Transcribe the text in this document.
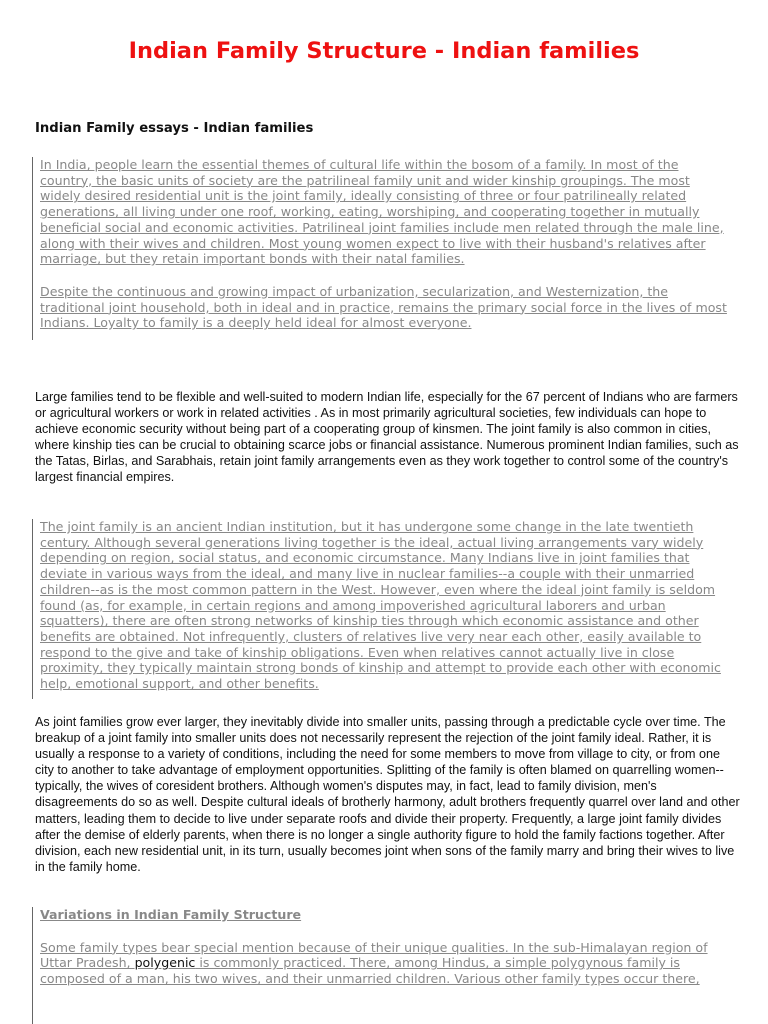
Indian Family Structure - Indian families
Indian Family essays - Indian families

In India, people learn the essential themes of cultural life within the bosom of a family. In most of the country, the basic units of society are the patrilineal family unit and wider kinship groupings. The most widely desired residential unit is the joint family, ideally consisting of three or four patrilineally related generations, all living under one roof, working, eating, worshiping, and cooperating together in mutually beneficial social and economic activities. Patrilineal joint families include men related through the male line, along with their wives and children. Most young women expect to live with their husband's relatives after marriage, but they retain important bonds with their natal families.

Despite the continuous and growing impact of urbanization, secularization, and Westernization, the traditional joint household, both in ideal and in practice, remains the primary social force in the lives of most Indians. Loyalty to family is a deeply held ideal for almost everyone.

Large families tend to be flexible and well-suited to modern Indian life, especially for the 67 percent of Indians who are farmers or agricultural workers or work in related activities . As in most primarily agricultural societies, few individuals can hope to achieve economic security without being part of a cooperating group of kinsmen. The joint family is also common in cities, where kinship ties can be crucial to obtaining scarce jobs or financial assistance. Numerous prominent Indian families, such as the Tatas, Birlas, and Sarabhais, retain joint family arrangements even as they work together to control some of the country's largest financial empires.

The joint family is an ancient Indian institution, but it has undergone some change in the late twentieth century. Although several generations living together is the ideal, actual living arrangements vary widely depending on region, social status, and economic circumstance. Many Indians live in joint families that deviate in various ways from the ideal, and many live in nuclear families--a couple with their unmarried children--as is the most common pattern in the West. However, even where the ideal joint family is seldom found (as, for example, in certain regions and among impoverished agricultural laborers and urban squatters), there are often strong networks of kinship ties through which economic assistance and other benefits are obtained. Not infrequently, clusters of relatives live very near each other, easily available to respond to the give and take of kinship obligations. Even when relatives cannot actually live in close proximity, they typically maintain strong bonds of kinship and attempt to provide each other with economic help, emotional support, and other benefits.

As joint families grow ever larger, they inevitably divide into smaller units, passing through a predictable cycle over time. The breakup of a joint family into smaller units does not necessarily represent the rejection of the joint family ideal. Rather, it is usually a response to a variety of conditions, including the need for some members to move from village to city, or from one city to another to take advantage of employment opportunities. Splitting of the family is often blamed on quarrelling women--typically, the wives of coresident brothers. Although women's disputes may, in fact, lead to family division, men's disagreements do so as well. Despite cultural ideals of brotherly harmony, adult brothers frequently quarrel over land and other matters, leading them to decide to live under separate roofs and divide their property. Frequently, a large joint family divides after the demise of elderly parents, when there is no longer a single authority figure to hold the family factions together. After division, each new residential unit, in its turn, usually becomes joint when sons of the family marry and bring their wives to live in the family home.

Variations in Indian Family Structure

Some family types bear special mention because of their unique qualities. In the sub-Himalayan region of Uttar Pradesh, polygenic is commonly practiced. There, among Hindus, a simple polygynous family is composed of a man, his two wives, and their unmarried children. Various other family types occur there,
